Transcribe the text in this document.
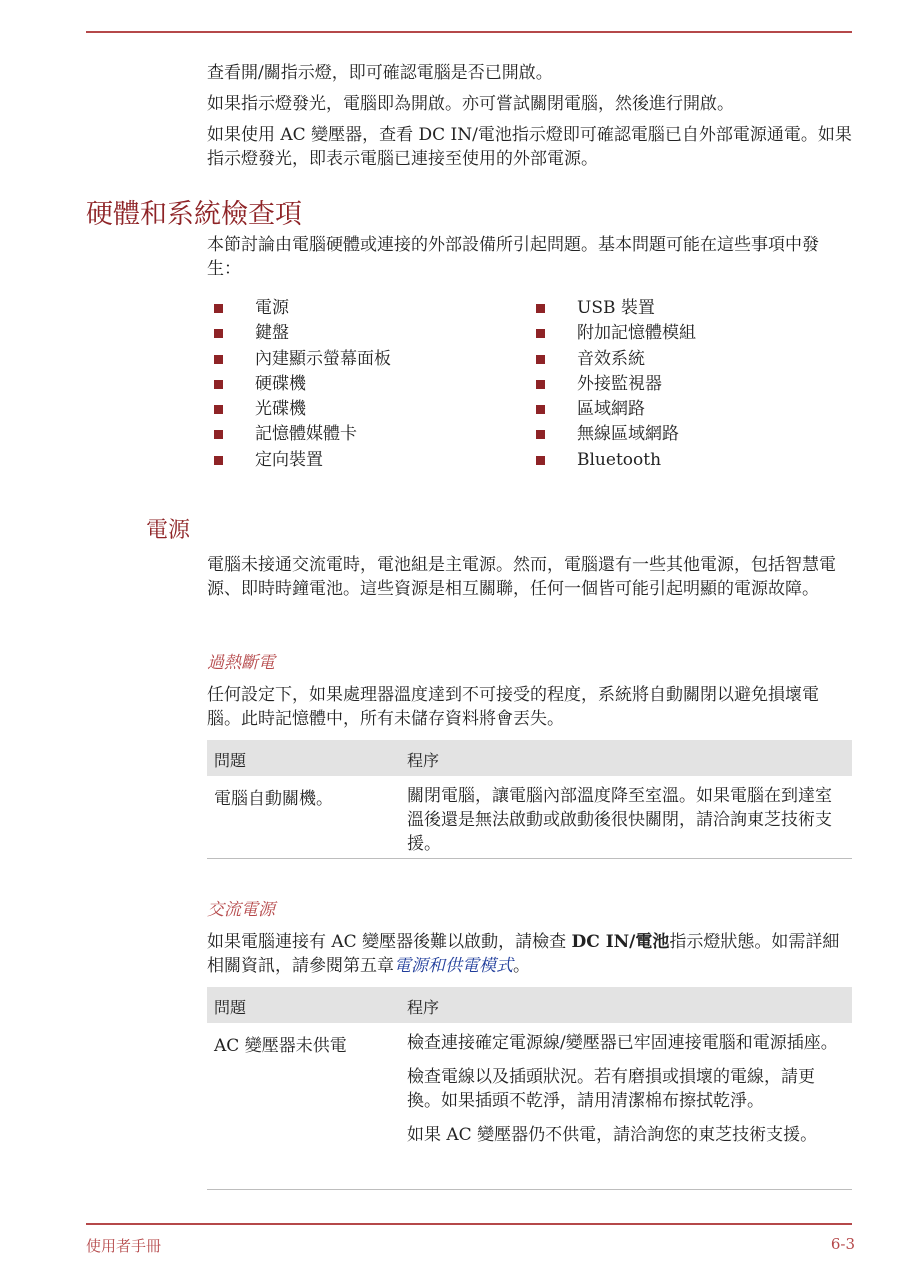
查看開/關指示燈，即可確認電腦是否已開啟。

如果指示燈發光，電腦即為開啟。亦可嘗試關閉電腦，然後進行開啟。

如果使用 AC 變壓器，查看 DC IN/電池指示燈即可確認電腦已自外部電源通電。如果指示燈發光，即表示電腦已連接至使用的外部電源。

硬體和系統檢查項

本節討論由電腦硬體或連接的外部設備所引起問題。基本問題可能在這些事項中發生：

電源
鍵盤
內建顯示螢幕面板
硬碟機
光碟機
記憶體媒體卡
定向裝置
USB 裝置
附加記憶體模組
音效系統
外接監視器
區域網路
無線區域網路
Bluetooth
電源

電腦未接通交流電時，電池組是主電源。然而，電腦還有一些其他電源，包括智慧電源、即時時鐘電池。這些資源是相互關聯，任何一個皆可能引起明顯的電源故障。

過熱斷電

任何設定下，如果處理器溫度達到不可接受的程度，系統將自動關閉以避免損壞電腦。此時記憶體中，所有未儲存資料將會丟失。

問題	程序
電腦自動關機。	關閉電腦，讓電腦內部溫度降至室溫。如果電腦在到達室溫後還是無法啟動或啟動後很快關閉，請洽詢東芝技術支援。

交流電源

如果電腦連接有 AC 變壓器後難以啟動，請檢查 DC IN/電池指示燈狀態。如需詳細相關資訊，請參閱第五章電源和供電模式。

問題	程序
AC 變壓器未供電	檢查連接確定電源線/變壓器已牢固連接電腦和電源插座。

檢查電線以及插頭狀況。若有磨損或損壞的電線，請更換。如果插頭不乾淨，請用清潔棉布擦拭乾淨。

如果 AC 變壓器仍不供電，請洽詢您的東芝技術支援。

使用者手冊	6-3
